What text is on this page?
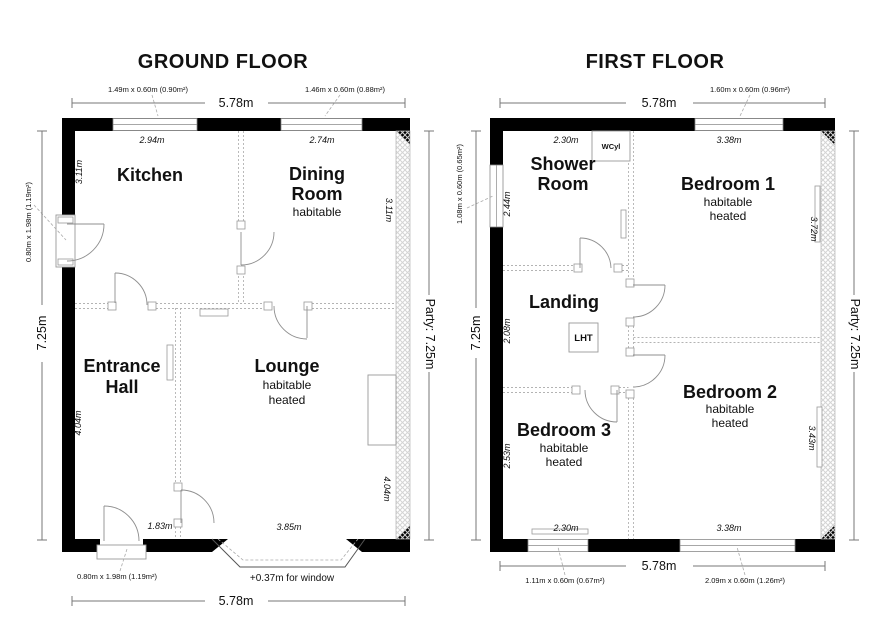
GROUND FLOOR
1.49m x 0.60m (0.90m²)	1.46m x 0.60m (0.88m²)
5.78m
Kitchen	Dining
Room
habitable
Entrance
Hall
Lounge
habitable
heated
2.94m	2.74m
3.11m
3.11m
4.04m
4.04m
1.83m	3.85m
0.80m x 1.98m (1.19m²)
7.25m	Party: 7.25m
0.80m x 1.98m (1.19m²)	+0.37m for window
5.78m
FIRST FLOOR
1.60m x 0.60m (0.96m²)
5.78m
WCyl
LHT
Shower
Room	Bedroom 1
habitable
heated
Landing
Bedroom 2
habitable
heated
Bedroom 3
habitable
heated
2.30m	3.38m
2.44m
3.72m
2.08m
3.43m
2.53m
2.30m	3.38m
1.08m x 0.60m (0.65m²)
7.25m	Party: 7.25m
5.78m
1.11m x 0.60m (0.67m²)	2.09m x 0.60m (1.26m²)
